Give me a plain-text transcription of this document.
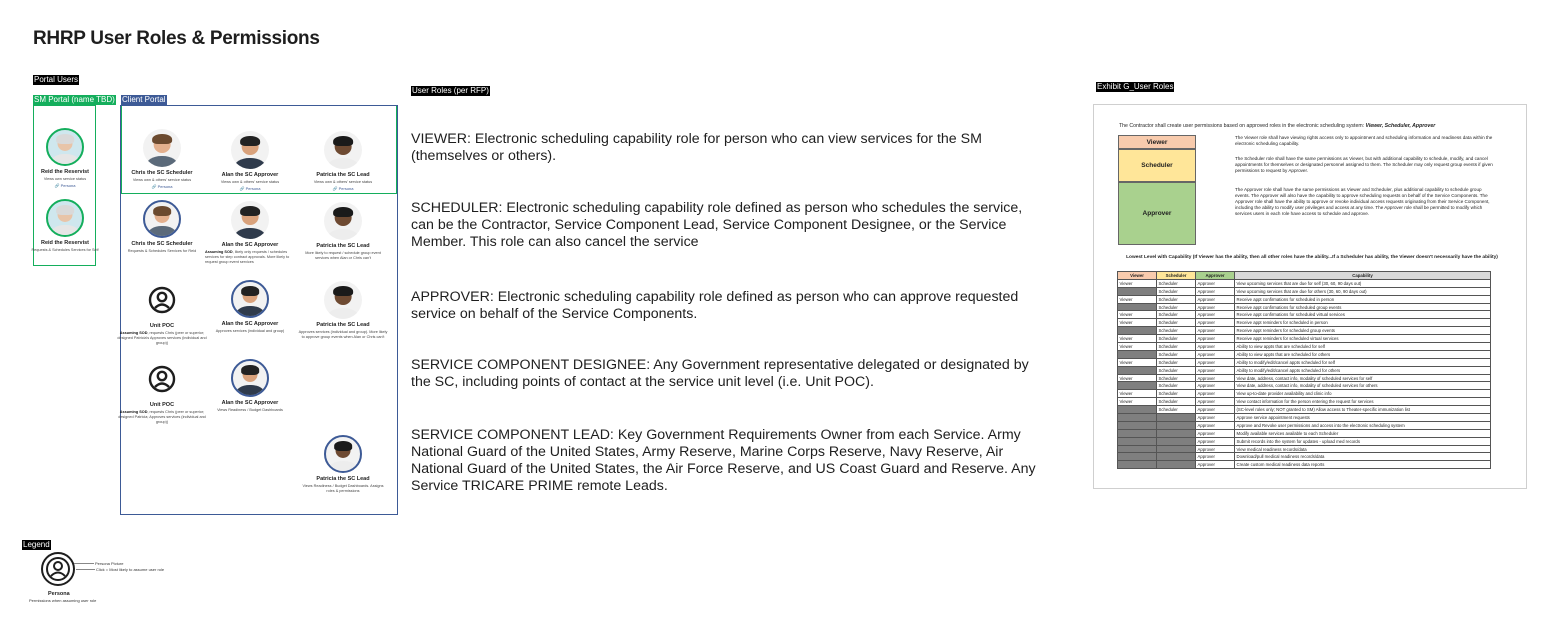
RHRP User Roles & Permissions
Portal Users
SM Portal (name TBD) Client Portal
User Roles (per RFP)	Exhibit G_User Roles
Legend
Reid the Reservist
Views own service status
🔗 Persona
Reid the Reservist
Requests & Schedules Services for Self
Chris the SC Scheduler
Views own & others' service status
🔗 Persona
Alan the SC Approver
Views own & others' service status
🔗 Persona
Patricia the SC Lead
Views own & others' service status
🔗 Persona
Chris the SC Scheduler
Requests & Schedules Services for Reid
Alan the SC Approver
Assuming SOD, likely only requests / schedules services for step contract approvals. More likely to request group event services
Patricia the SC Lead
More likely to request / schedule group event services when Alan or Chris can't
Unit POC
Assuming SOD, requests Chris (peer or superior; designed Patricia's Approves services (individual and group))
Alan the SC Approver
Approves services (individual and group)
Patricia the SC Lead
Approves services (individual and group). More likely to approve group events when Alan or Chris can't
Unit POC
Assuming SOD, requests Chris (peer or superior; designed Patricia; Approves services (individual and group))
Alan the SC Approver
Views Readiness / Budget Dashboards
Patricia the SC Lead
Views Readiness / Budget Dashboards. Assigns roles & permissions
VIEWER: Electronic scheduling capability role for person who can view services for the SM (themselves or others).
SCHEDULER: Electronic scheduling capability role defined as person who schedules the service, can be the Contractor, Service Component Lead, Service Component Designee, or the Service Member. This role can also cancel the service
APPROVER: Electronic scheduling capability role defined as person who can approve requested service on behalf of the Service Components.
SERVICE COMPONENT DESIGNEE: Any Government representative delegated or designated by the SC, including points of contact at the service unit level (i.e. Unit POC).
SERVICE COMPONENT LEAD: Key Government Requirements Owner from each Service. Army National Guard of the United States, Army Reserve, Marine Corps Reserve, Navy Reserve, Air National Guard of the United States, the Air Force Reserve, and US Coast Guard and Reserve. Any Service TRICARE PRIME remote Leads.
The Contractor shall create user permissions based on approved roles in the electronic scheduling system: Viewer, Scheduler, Approver
Viewer
Scheduler
Approver
The Viewer role shall have viewing rights access only to appointment and scheduling information and readiness data within the electronic scheduling capability.
The Scheduler role shall have the same permissions as Viewer, but with additional capability to schedule, modify, and cancel appointments for themselves or designated personnel assigned to them. The Scheduler may only request group events if given permissions to request by Approver.
The Approver role shall have the same permissions as Viewer and Scheduler, plus additional capability to schedule group events. The Approver will also have the capability to approve scheduling requests on behalf of the Service Components. The Approver role shall have the ability to approve or revoke individual access requests originating from their Service Component, including the ability to modify user privileges and access at any time. The Approver role shall be permitted to modify which services users in each role have access to schedule and approve.
Lowest Level with Capability (If Viewer has the ability, then all other roles have the ability...If a Scheduler has ability, the Viewer doesn't necessarily have the ability)
Viewer	Scheduler	Approver	Capability
Viewer	Scheduler	Approver	View upcoming services that are due for self (30, 60, 90 days out)
	Scheduler	Approver	View upcoming services that are due for others (30, 60, 90 days out)
Viewer	Scheduler	Approver	Receive appt confirmations for scheduled in person
	Scheduler	Approver	Receive appt confirmations for scheduled group events
Viewer	Scheduler	Approver	Receive appt confirmations for scheduled virtual services
Viewer	Scheduler	Approver	Receive appt reminders for scheduled in person
	Scheduler	Approver	Receive appt reminders for scheduled group events
Viewer	Scheduler	Approver	Receive appt reminders for scheduled virtual services
Viewer	Scheduler	Approver	Ability to view appts that are scheduled for self
	Scheduler	Approver	Ability to view appts that are scheduled for others
Viewer	Scheduler	Approver	Ability to modify/edit/cancel appts scheduled for self
	Scheduler	Approver	Ability to modify/edit/cancel appts scheduled for others
Viewer	Scheduler	Approver	View date, address, contact info, modality of scheduled services for self
	Scheduler	Approver	View date, address, contact info, modality of scheduled services for others
Viewer	Scheduler	Approver	View up-to-date provider availability and clinic info
Viewer	Scheduler	Approver	View contact information for the person entering the request for services
	Scheduler	Approver	(SC-level roles only; NOT granted to SM) Allow access to Theater-specific immunization list
		Approver	Approve service appointment requests
		Approver	Approve and Revoke user permissions and access into the electronic scheduling system
		Approver	Modify available services available to each Scheduler
		Approver	Submit records into the system for updates - upload med records
		Approver	View medical readiness records/data
		Approver	Download/pull medical readiness records/data
		Approver	Create custom medical readiness data reports
Persona Picture
Click = Most likely to assume user role
Persona
Permissions when assuming user role
